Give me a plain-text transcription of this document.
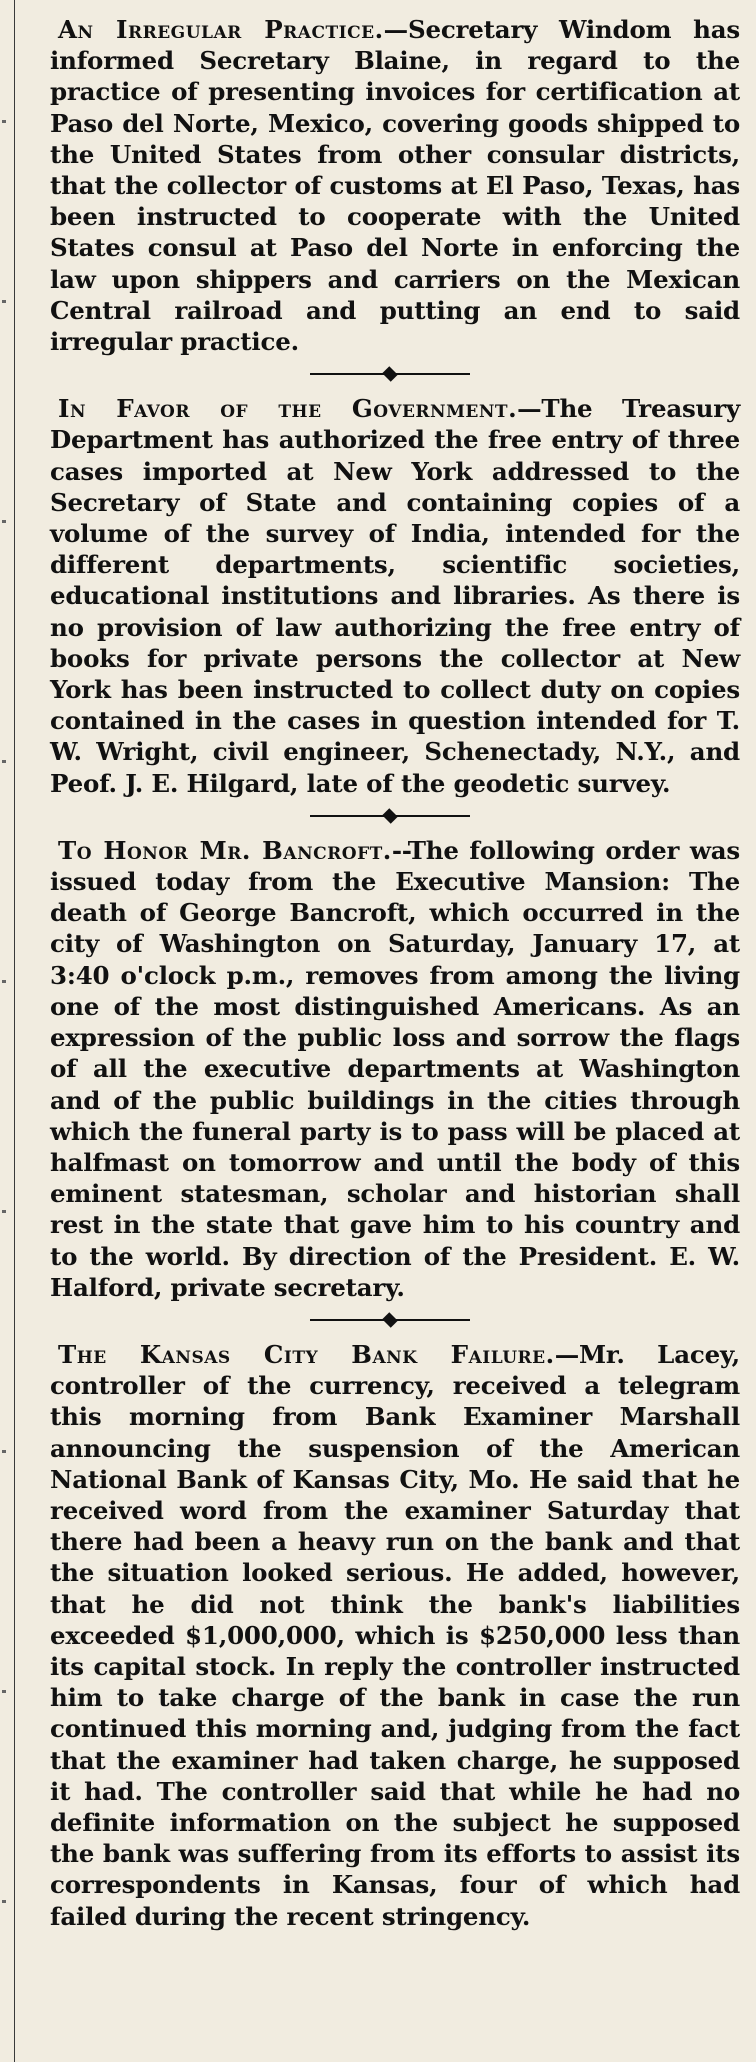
An Irregular Practice.—Secretary Windom has informed Secretary Blaine, in regard to the practice of presenting invoices for certification at Paso del Norte, Mexico, covering goods shipped to the United States from other consular districts, that the collector of customs at El Paso, Texas, has been instructed to cooperate with the United States consul at Paso del Norte in enforcing the law upon shippers and carriers on the Mexican Central railroad and putting an end to said irregular practice.

In Favor of the Government.—The Treasury Department has authorized the free entry of three cases imported at New York addressed to the Secretary of State and containing copies of a volume of the survey of India, intended for the different departments, scientific societies, educational institutions and libraries. As there is no provision of law authorizing the free entry of books for private persons the collector at New York has been instructed to collect duty on copies contained in the cases in question intended for T. W. Wright, civil engineer, Schenectady, N.Y., and Peof. J. E. Hilgard, late of the geodetic survey.

To Honor Mr. Bancroft.--The following order was issued today from the Executive Mansion: The death of George Bancroft, which occurred in the city of Washington on Saturday, January 17, at 3:40 o'clock p.m., removes from among the living one of the most distinguished Americans. As an expression of the public loss and sorrow the flags of all the executive departments at Washington and of the public buildings in the cities through which the funeral party is to pass will be placed at halfmast on tomorrow and until the body of this eminent statesman, scholar and historian shall rest in the state that gave him to his country and to the world. By direction of the President. E. W. Halford, private secretary.

The Kansas City Bank Failure.—Mr. Lacey, controller of the currency, received a telegram this morning from Bank Examiner Marshall announcing the suspension of the American National Bank of Kansas City, Mo. He said that he received word from the examiner Saturday that there had been a heavy run on the bank and that the situation looked serious. He added, however, that he did not think the bank's liabilities exceeded $1,000,000, which is $250,000 less than its capital stock. In reply the controller instructed him to take charge of the bank in case the run continued this morning and, judging from the fact that the examiner had taken charge, he supposed it had. The controller said that while he had no definite information on the subject he supposed the bank was suffering from its efforts to assist its correspondents in Kansas, four of which had failed during the recent stringency.
